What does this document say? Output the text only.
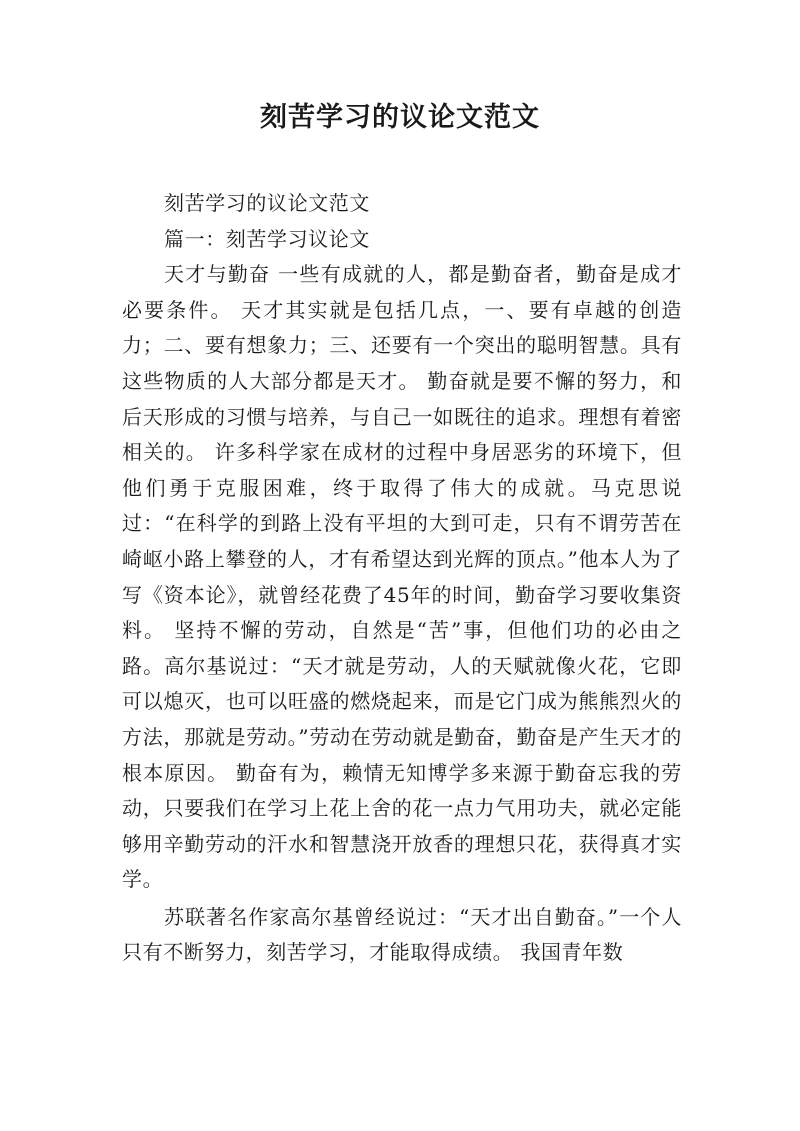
刻苦学习的议论文范文

刻苦学习的议论文范文

篇一：刻苦学习议论文

天才与勤奋 一些有成就的人，都是勤奋者，勤奋是成才必要条件。 天才其实就是包括几点，一、要有卓越的创造力；二、要有想象力；三、还要有一个突出的聪明智慧。具有这些物质的人大部分都是天才。 勤奋就是要不懈的努力，和后天形成的习惯与培养，与自己一如既往的追求。理想有着密 相关的。 许多科学家在成材的过程中身居恶劣的环境下，但他们勇于克服困难，终于取得了伟大的成就。马克思说过：“在科学的到路上没有平坦的大到可走，只有不谓劳苦在崎岖小路上攀登的人，才有希望达到光辉的顶点。”他本人为了写《资本论》，就曾经花费了45年的时间，勤奋学习要收集资料。 坚持不懈的劳动，自然是“苦”事，但他们功的必由之路。高尔基说过：“天才就是劳动，人的天赋就像火花，它即可以熄灭，也可以旺盛的燃烧起来，而是它门成为熊熊烈火的方法，那就是劳动。”劳动在劳动就是勤奋，勤奋是产生天才的根本原因。 勤奋有为，赖情无知博学多来源于勤奋忘我的劳动，只要我们在学习上花上舍的花一点力气用功夫，就必定能够用辛勤劳动的汗水和智慧浇开放香的理想只花，获得真才实学。

苏联著名作家高尔基曾经说过：“天才出自勤奋。”一个人只有不断努力，刻苦学习，才能取得成绩。 我国青年数
